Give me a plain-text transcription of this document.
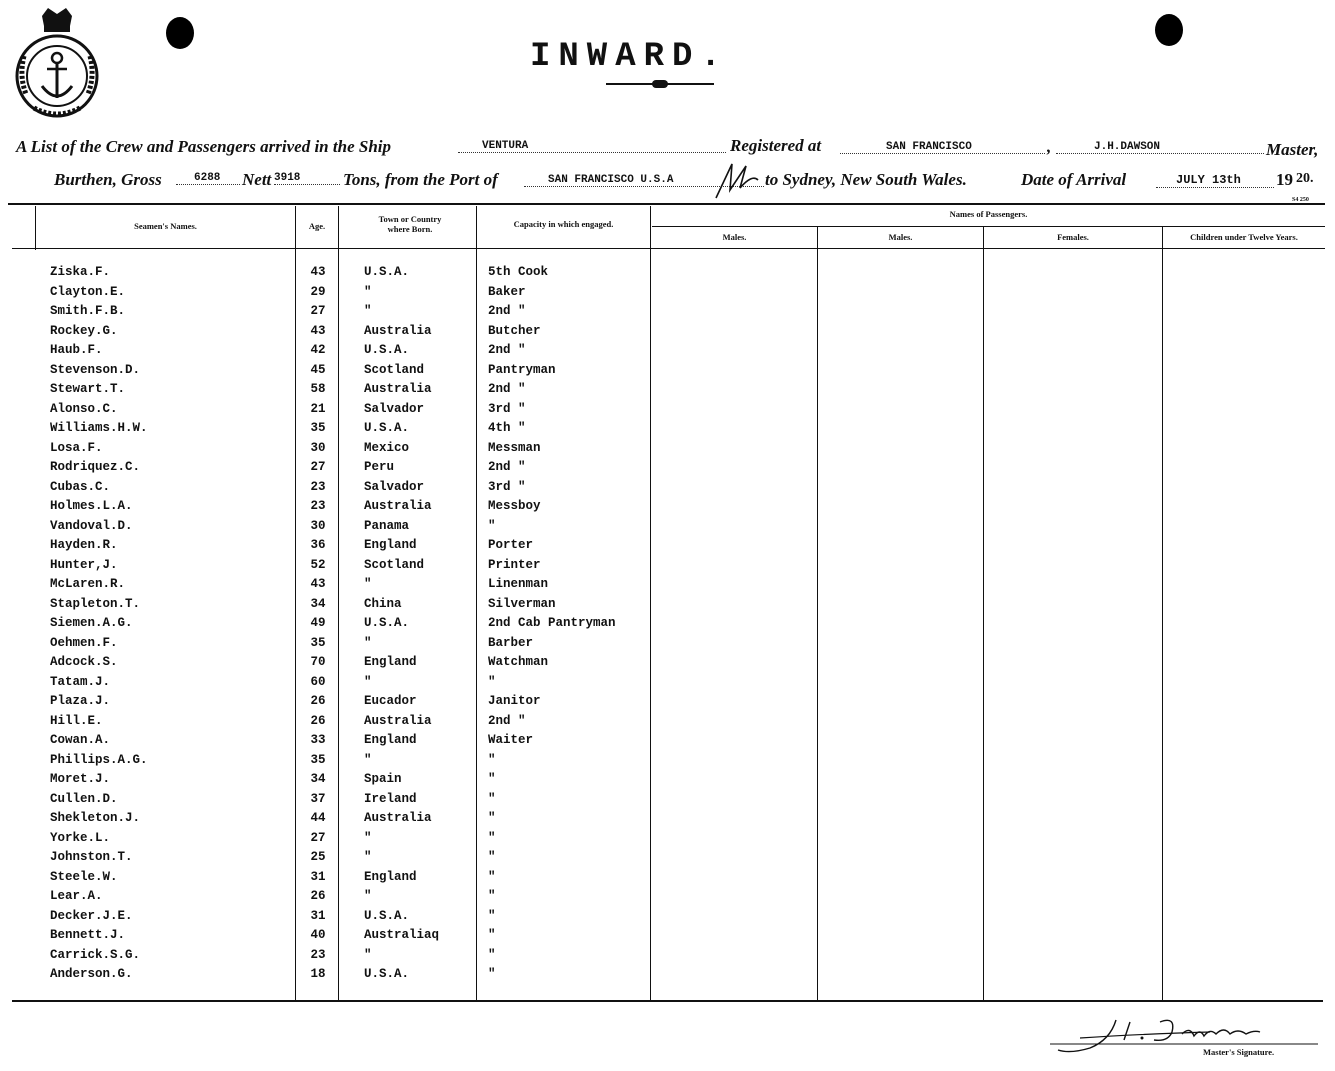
INWARD.
A List of the Crew and Passengers arrived in the Ship	VENTURA	Registered at	SAN FRANCISCO	,	J.H.DAWSON	Master,
Burthen, Gross	6288	Nett 3918	Tons, from the Port of	SAN FRANCISCO U.S.A	to Sydney, New South Wales.	Date of Arrival	JULY 13th	19 20.
S4 250
Seamen's Names.	Age.
Town or Country where Born.	Capacity in which engaged.
Names of Passengers.
Males.	Males.	Females.	Children under Twelve Years.
Ziska.F.	43	U.S.A.	5th Cook
Clayton.E.	29	"	Baker
Smith.F.B.	27	"	2nd "
Rockey.G.	43	Australia	Butcher
Haub.F.	42	U.S.A.	2nd "
Stevenson.D.	45	Scotland	Pantryman
Stewart.T.	58	Australia	2nd "
Alonso.C.	21	Salvador	3rd "
Williams.H.W.	35	U.S.A.	4th "
Losa.F.	30	Mexico	Messman
Rodriquez.C.	27	Peru	2nd "
Cubas.C.	23	Salvador	3rd "
Holmes.L.A.	23	Australia	Messboy
Vandoval.D.	30	Panama	"
Hayden.R.	36	England	Porter
Hunter,J.	52	Scotland	Printer
McLaren.R.	43	"	Linenman
Stapleton.T.	34	China	Silverman
Siemen.A.G.	49	U.S.A.	2nd Cab Pantryman
Oehmen.F.	35	"	Barber
Adcock.S.	70	England	Watchman
Tatam.J.	60	"	"
Plaza.J.	26	Eucador	Janitor
Hill.E.	26	Australia	2nd "
Cowan.A.	33	England	Waiter
Phillips.A.G.	35	"	"
Moret.J.	34	Spain	"
Cullen.D.	37	Ireland	"
Shekleton.J.	44	Australia	"
Yorke.L.	27	"	"
Johnston.T.	25	"	"
Steele.W.	31	England	"
Lear.A.	26	"	"
Decker.J.E.	31	U.S.A.	"
Bennett.J.	40	Australiaq	"
Carrick.S.G.	23	"	"
Anderson.G.	18	U.S.A.	"
Master's Signature.
